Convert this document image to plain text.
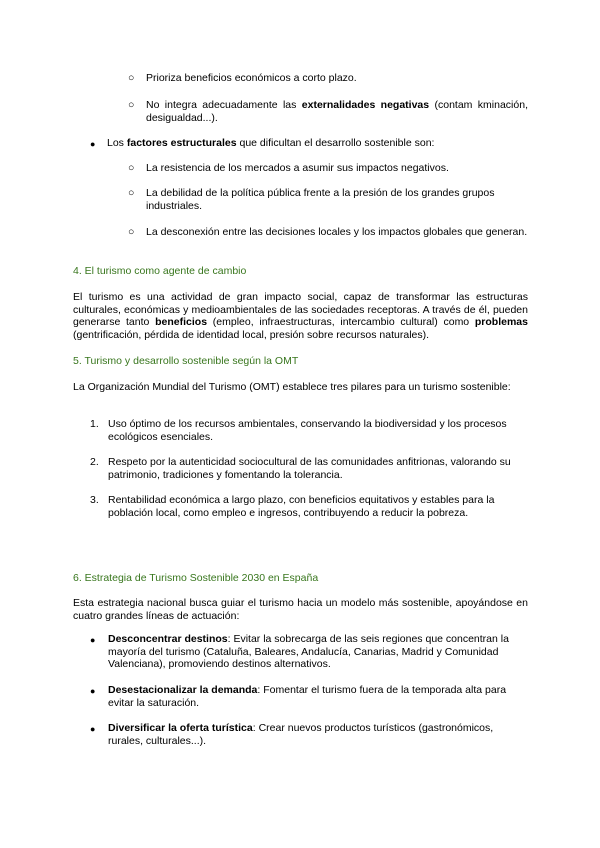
○ Prioriza beneficios económicos a corto plazo.

○ No integra adecuadamente las externalidades negativas (contam kminación, desigualdad...).

● Los factores estructurales que dificultan el desarrollo sostenible son:

○ La resistencia de los mercados a asumir sus impactos negativos.

○ La debilidad de la política pública frente a la presión de los grandes grupos industriales.

○ La desconexión entre las decisiones locales y los impactos globales que generan.

4. El turismo como agente de cambio

El turismo es una actividad de gran impacto social, capaz de transformar las estructuras culturales, económicas y medioambientales de las sociedades receptoras. A través de él, pueden generarse tanto beneficios (empleo, infraestructuras, intercambio cultural) como problemas (gentrificación, pérdida de identidad local, presión sobre recursos naturales).

5. Turismo y desarrollo sostenible según la OMT

La Organización Mundial del Turismo (OMT) establece tres pilares para un turismo sostenible:

1. Uso óptimo de los recursos ambientales, conservando la biodiversidad y los procesos ecológicos esenciales.

2. Respeto por la autenticidad sociocultural de las comunidades anfitrionas, valorando su patrimonio, tradiciones y fomentando la tolerancia.

3. Rentabilidad económica a largo plazo, con beneficios equitativos y estables para la población local, como empleo e ingresos, contribuyendo a reducir la pobreza.

6. Estrategia de Turismo Sostenible 2030 en España

Esta estrategia nacional busca guiar el turismo hacia un modelo más sostenible, apoyándose en cuatro grandes líneas de actuación:

● Desconcentrar destinos: Evitar la sobrecarga de las seis regiones que concentran la mayoría del turismo (Cataluña, Baleares, Andalucía, Canarias, Madrid y Comunidad Valenciana), promoviendo destinos alternativos.

● Desestacionalizar la demanda: Fomentar el turismo fuera de la temporada alta para evitar la saturación.

● Diversificar la oferta turística: Crear nuevos productos turísticos (gastronómicos, rurales, culturales...).
